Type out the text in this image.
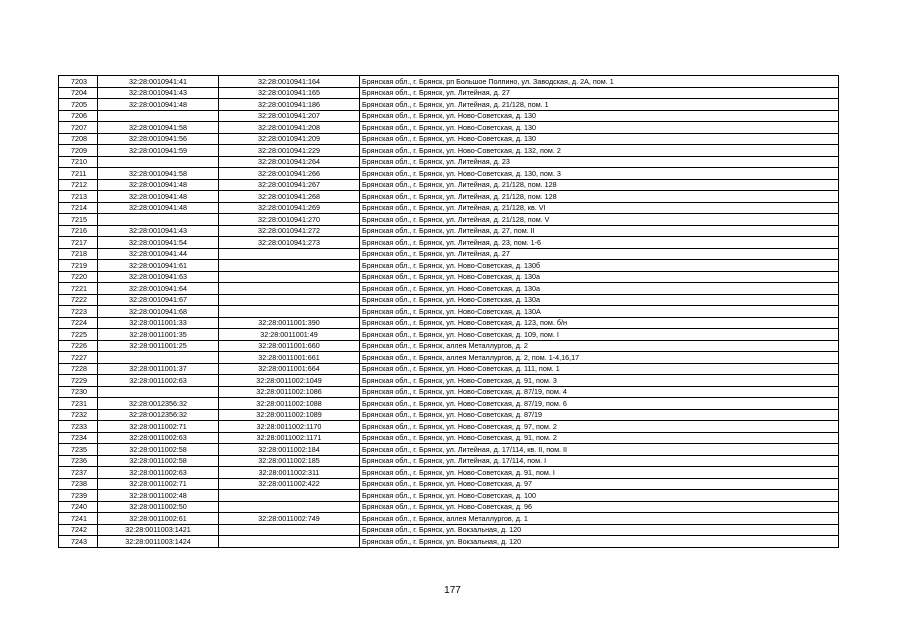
7203	32:28:0010941:41	32:28:0010941:164	Брянская обл., г. Брянск, рп Большое Полпино, ул. Заводская, д. 2А, пом. 1
7204	32:28:0010941:43	32:28:0010941:165	Брянская обл., г. Брянск, ул. Литейная, д. 27
7205	32:28:0010941:48	32:28:0010941:186	Брянская обл., г. Брянск, ул. Литейная, д. 21/128, пом. 1
7206		32:28:0010941:207	Брянская обл., г. Брянск, ул. Ново-Советская, д. 130
7207	32:28:0010941:58	32:28:0010941:208	Брянская обл., г. Брянск, ул. Ново-Советская, д. 130
7208	32:28:0010941:56	32:28:0010941:209	Брянская обл., г. Брянск, ул. Ново-Советская, д. 130
7209	32:28:0010941:59	32:28:0010941:229	Брянская обл., г. Брянск, ул. Ново-Советская, д. 132, пом. 2
7210		32:28:0010941:264	Брянская обл., г. Брянск, ул. Литейная, д. 23
7211	32:28:0010941:58	32:28:0010941:266	Брянская обл., г. Брянск, ул. Ново-Советская, д. 130, пом. 3
7212	32:28:0010941:48	32:28:0010941:267	Брянская обл., г. Брянск, ул. Литейная, д. 21/128, пом. 128
7213	32:28:0010941:48	32:28:0010941:268	Брянская обл., г. Брянск, ул. Литейная, д. 21/128, пом. 128
7214	32:28:0010941:48	32:28:0010941:269	Брянская обл., г. Брянск, ул. Литейная, д. 21/128, кв. VI
7215		32:28:0010941:270	Брянская обл., г. Брянск, ул. Литейная, д. 21/128, пом. V
7216	32:28:0010941:43	32:28:0010941:272	Брянская обл., г. Брянск, ул. Литейная, д. 27, пом. II
7217	32:28:0010941:54	32:28:0010941:273	Брянская обл., г. Брянск, ул. Литейная, д. 23, пом. 1-6
7218	32:28:0010941:44		Брянская обл., г. Брянск, ул. Литейная, д. 27
7219	32:28:0010941:61		Брянская обл., г. Брянск, ул. Ново-Советская, д. 130б
7220	32:28:0010941:63		Брянская обл., г. Брянск, ул. Ново-Советская, д. 130а
7221	32:28:0010941:64		Брянская обл., г. Брянск, ул. Ново-Советская, д. 130а
7222	32:28:0010941:67		Брянская обл., г. Брянск, ул. Ново-Советская, д. 130а
7223	32:28:0010941:68		Брянская обл., г. Брянск, ул. Ново-Советская, д. 130А
7224	32:28:0011001:33	32:28:0011001:390	Брянская обл., г. Брянск, ул. Ново-Советская, д. 123, пом. б/н
7225	32:28:0011001:35	32:28:0011001:49	Брянская обл., г. Брянск, ул. Ново-Советская, д. 109, пом. I
7226	32:28:0011001:25	32:28:0011001:660	Брянская обл., г. Брянск, аллея Металлургов, д. 2
7227		32:28:0011001:661	Брянская обл., г. Брянск, аллея Металлургов, д. 2, пом. 1-4,16,17
7228	32:28:0011001:37	32:28:0011001:664	Брянская обл., г. Брянск, ул. Ново-Советская, д. 111, пом. 1
7229	32:28:0011002:63	32:28:0011002:1049	Брянская обл., г. Брянск, ул. Ново-Советская, д. 91, пом. 3
7230		32:28:0011002:1086	Брянская обл., г. Брянск, ул. Ново-Советская, д. 87/19, пом. 4
7231	32:28:0012356:32	32:28:0011002:1088	Брянская обл., г. Брянск, ул. Ново-Советская, д. 87/19, пом. 6
7232	32:28:0012356:32	32:28:0011002:1089	Брянская обл., г. Брянск, ул. Ново-Советская, д. 87/19
7233	32:28:0011002:71	32:28:0011002:1170	Брянская обл., г. Брянск, ул. Ново-Советская, д. 97, пом. 2
7234	32:28:0011002:63	32:28:0011002:1171	Брянская обл., г. Брянск, ул. Ново-Советская, д. 91, пом. 2
7235	32:28:0011002:58	32:28:0011002:184	Брянская обл., г. Брянск, ул. Литейная, д. 17/114, кв. II, пом. II
7236	32:28:0011002:58	32:28:0011002:185	Брянская обл., г. Брянск, ул. Литейная, д. 17/114, пом. I
7237	32:28:0011002:63	32:28:0011002:311	Брянская обл., г. Брянск, ул. Ново-Советская, д. 91, пом. I
7238	32:28:0011002:71	32:28:0011002:422	Брянская обл., г. Брянск, ул. Ново-Советская, д. 97
7239	32:28:0011002:48		Брянская обл., г. Брянск, ул. Ново-Советская, д. 100
7240	32:28:0011002:50		Брянская обл., г. Брянск, ул. Ново-Советская, д. 96
7241	32:28:0011002:61	32:28:0011002:749	Брянская обл., г. Брянск, аллея Металлургов, д. 1
7242	32:28:0011003:1421		Брянская обл., г. Брянск, ул. Вокзальная, д. 120
7243	32:28:0011003:1424		Брянская обл., г. Брянск, ул. Вокзальная, д. 120
177
